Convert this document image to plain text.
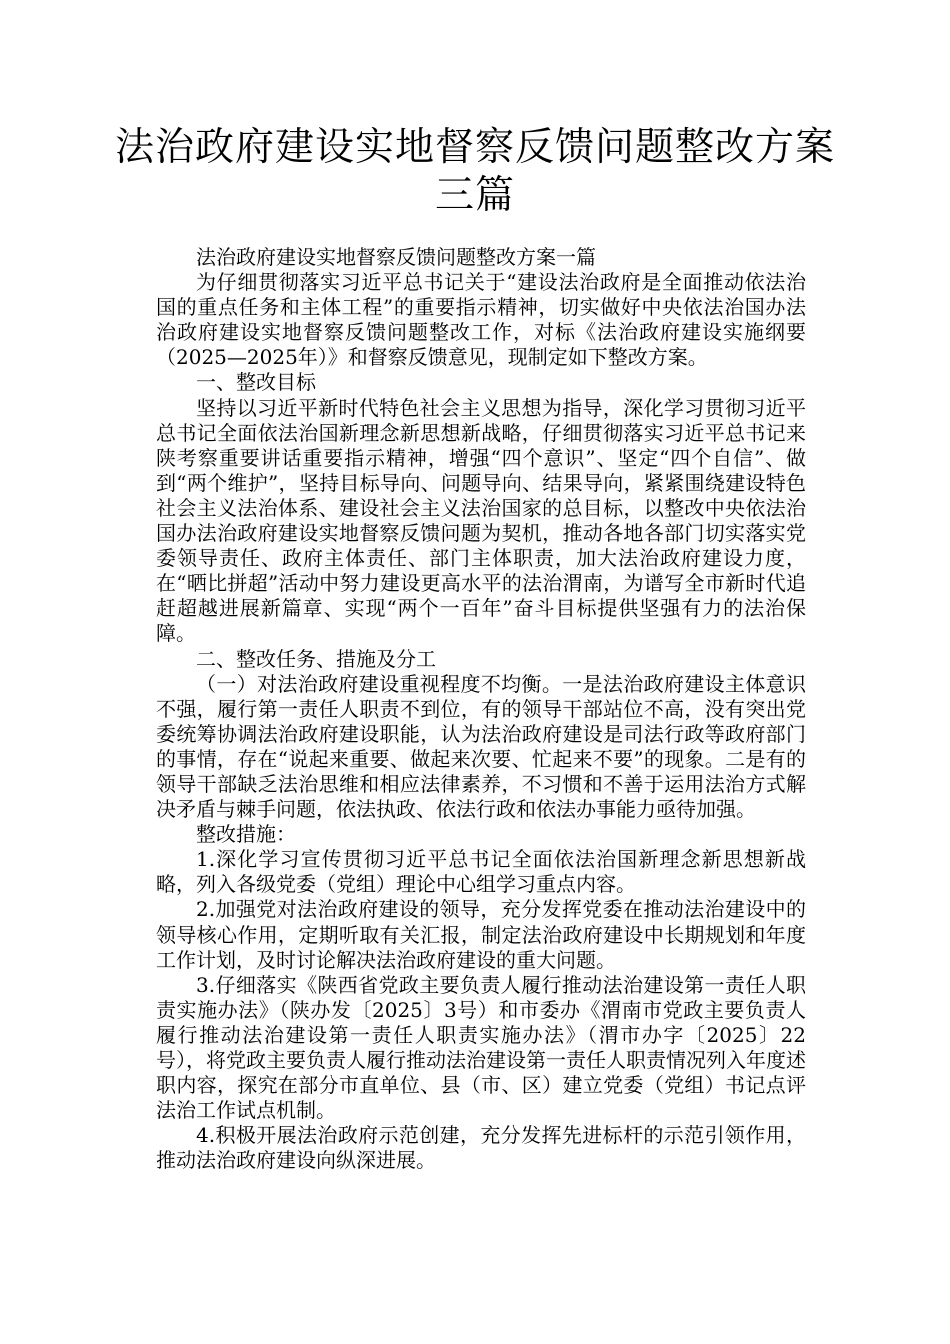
法治政府建设实地督察反馈问题整改方案
三篇

法治政府建设实地督察反馈问题整改方案一篇

为仔细贯彻落实习近平总书记关于“建设法治政府是全面推动依法治国的重点任务和主体工程”的重要指示精神，切实做好中央依法治国办法治政府建设实地督察反馈问题整改工作，对标《法治政府建设实施纲要（2025—2025年）》和督察反馈意见，现制定如下整改方案。

一、整改目标

坚持以习近平新时代特色社会主义思想为指导，深化学习贯彻习近平总书记全面依法治国新理念新思想新战略，仔细贯彻落实习近平总书记来陕考察重要讲话重要指示精神，增强“四个意识”、坚定“四个自信”、做到“两个维护”，坚持目标导向、问题导向、结果导向，紧紧围绕建设特色社会主义法治体系、建设社会主义法治国家的总目标，以整改中央依法治国办法治政府建设实地督察反馈问题为契机，推动各地各部门切实落实党委领导责任、政府主体责任、部门主体职责，加大法治政府建设力度，在“晒比拼超”活动中努力建设更高水平的法治渭南，为谱写全市新时代追赶超越进展新篇章、实现“两个一百年”奋斗目标提供坚强有力的法治保障。

二、整改任务、措施及分工

（一）对法治政府建设重视程度不均衡。一是法治政府建设主体意识不强，履行第一责任人职责不到位，有的领导干部站位不高，没有突出党委统筹协调法治政府建设职能，认为法治政府建设是司法行政等政府部门的事情，存在“说起来重要、做起来次要、忙起来不要”的现象。二是有的领导干部缺乏法治思维和相应法律素养，不习惯和不善于运用法治方式解决矛盾与棘手问题，依法执政、依法行政和依法办事能力亟待加强。

整改措施：

1.深化学习宣传贯彻习近平总书记全面依法治国新理念新思想新战略，列入各级党委（党组）理论中心组学习重点内容。

2.加强党对法治政府建设的领导，充分发挥党委在推动法治建设中的领导核心作用，定期听取有关汇报，制定法治政府建设中长期规划和年度工作计划，及时讨论解决法治政府建设的重大问题。

3.仔细落实《陕西省党政主要负责人履行推动法治建设第一责任人职责实施办法》（陕办发〔2025〕3号）和市委办《渭南市党政主要负责人履行推动法治建设第一责任人职责实施办法》（渭市办字〔2025〕22号），将党政主要负责人履行推动法治建设第一责任人职责情况列入年度述职内容，探究在部分市直单位、县（市、区）建立党委（党组）书记点评法治工作试点机制。

4.积极开展法治政府示范创建，充分发挥先进标杆的示范引领作用，推动法治政府建设向纵深进展。
